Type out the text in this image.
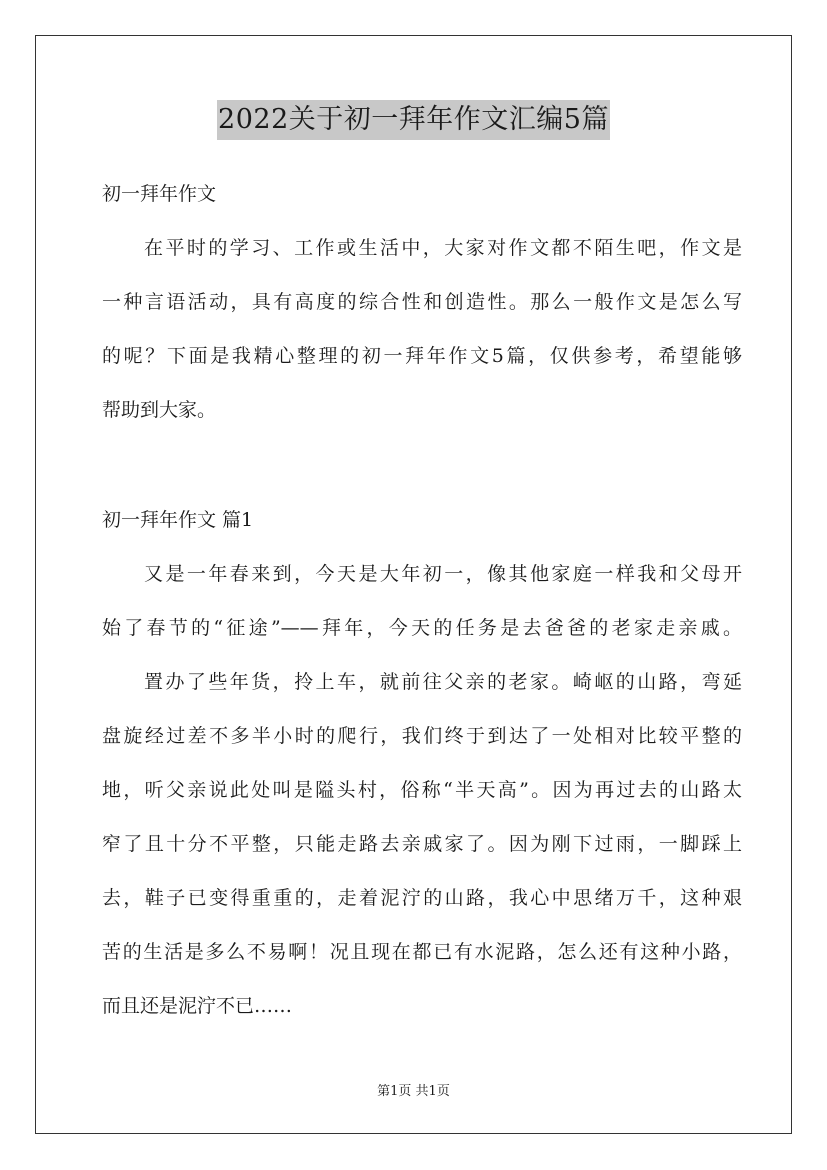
2022关于初一拜年作文汇编5篇
初一拜年作文
在平时的学习、工作或生活中，大家对作文都不陌生吧，作文是
一种言语活动，具有高度的综合性和创造性。那么一般作文是怎么写
的呢？下面是我精心整理的初一拜年作文5篇，仅供参考，希望能够
帮助到大家。
初一拜年作文 篇1
又是一年春来到，今天是大年初一，像其他家庭一样我和父母开
始了春节的“征途”——拜年，今天的任务是去爸爸的老家走亲戚。
置办了些年货，拎上车，就前往父亲的老家。崎岖的山路，弯延
盘旋经过差不多半小时的爬行，我们终于到达了一处相对比较平整的
地，听父亲说此处叫是隘头村，俗称“半天高”。因为再过去的山路太
窄了且十分不平整，只能走路去亲戚家了。因为刚下过雨，一脚踩上
去，鞋子已变得重重的，走着泥泞的山路，我心中思绪万千，这种艰
苦的生活是多么不易啊！况且现在都已有水泥路，怎么还有这种小路，
而且还是泥泞不已……
第1页 共1页
